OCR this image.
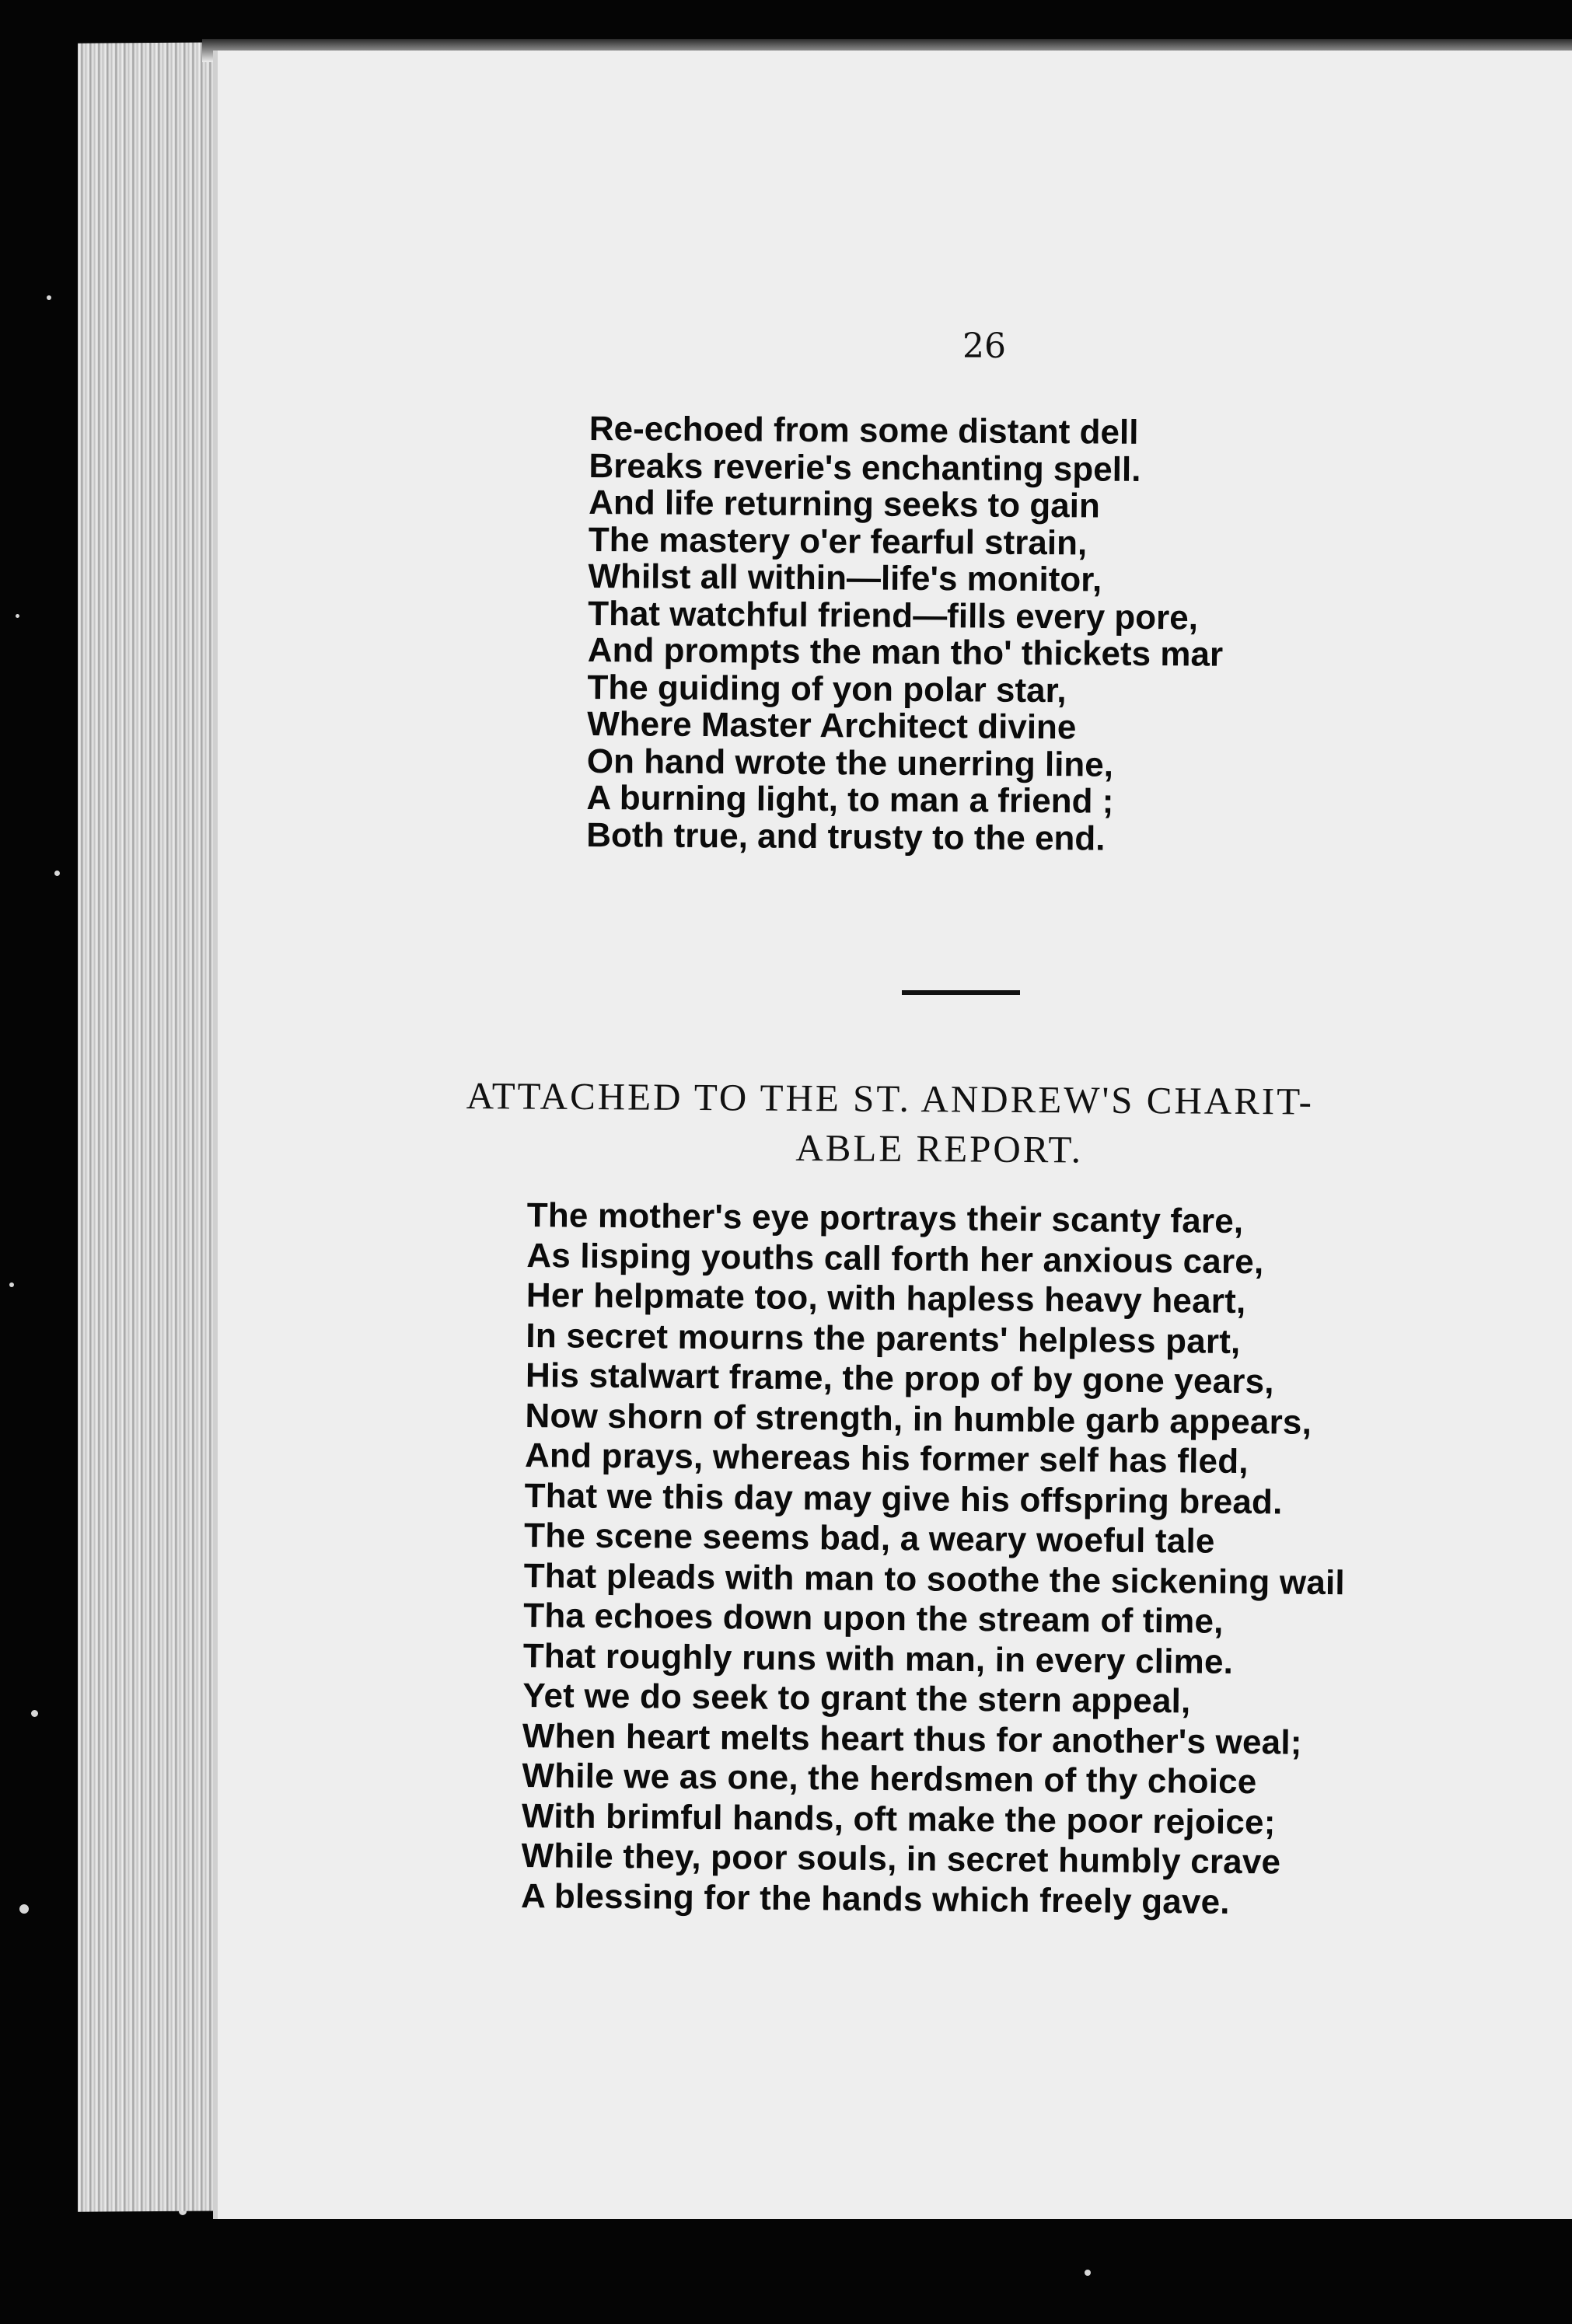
26
Re-echoed from some distant dell
Breaks reverie's enchanting spell.
And life returning seeks to gain
The mastery o'er fearful strain,
Whilst all within—life's monitor,
That watchful friend—fills every pore,
And prompts the man tho' thickets mar
The guiding of yon polar star,
Where Master Architect divine
On hand wrote the unerring line,
A burning light, to man a friend ;
Both true, and trusty to the end.
ATTACHED TO THE ST. ANDREW'S CHARIT-
ABLE REPORT.
The mother's eye portrays their scanty fare,
As lisping youths call forth her anxious care,
Her helpmate too, with hapless heavy heart,
In secret mourns the parents' helpless part,
His stalwart frame, the prop of by gone years,
Now shorn of strength, in humble garb appears,
And prays, whereas his former self has fled,
That we this day may give his offspring bread.
The scene seems bad, a weary woeful tale
That pleads with man to soothe the sickening wail
Tha echoes down upon the stream of time,
That roughly runs with man, in every clime.
Yet we do seek to grant the stern appeal,
When heart melts heart thus for another's weal;
While we as one, the herdsmen of thy choice
With brimful hands, oft make the poor rejoice;
While they, poor souls, in secret humbly crave
A blessing for the hands which freely gave.
